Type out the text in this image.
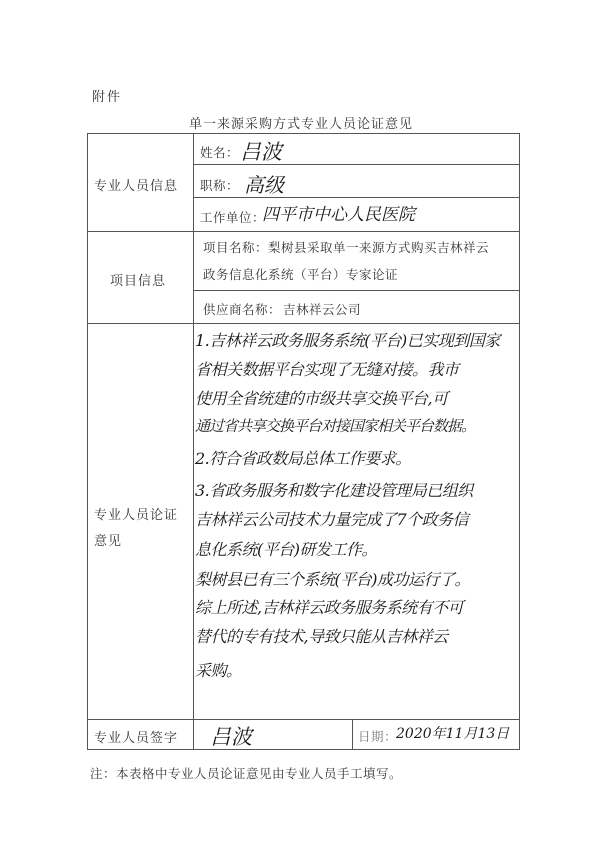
附件
单一来源采购方式专业人员论证意见
专业人员信息
姓名： 吕波
职称： 高级
工作单位：
四平市中心人民医院
项目信息
项目名称：梨树县采取单一来源方式购买吉林祥云
政务信息化系统（平台）专家论证
供应商名称： 吉林祥云公司
专业人员论证
意见
1.吉林祥云政务服务系统(平台)已实现到国家
省相关数据平台实现了无缝对接。我市
使用全省统建的市级共享交换平台,可
通过省共享交换平台对接国家相关平台数据。
2.符合省政数局总体工作要求。
3.省政务服务和数字化建设管理局已组织
吉林祥云公司技术力量完成了7个政务信
息化系统(平台)研发工作。
梨树县已有三个系统(平台)成功运行了。
综上所述,吉林祥云政务服务系统有不可
替代的专有技术,导致只能从吉林祥云
采购。
专业人员签字 吕波	日期：
2020年11月13日
注：本表格中专业人员论证意见由专业人员手工填写。
